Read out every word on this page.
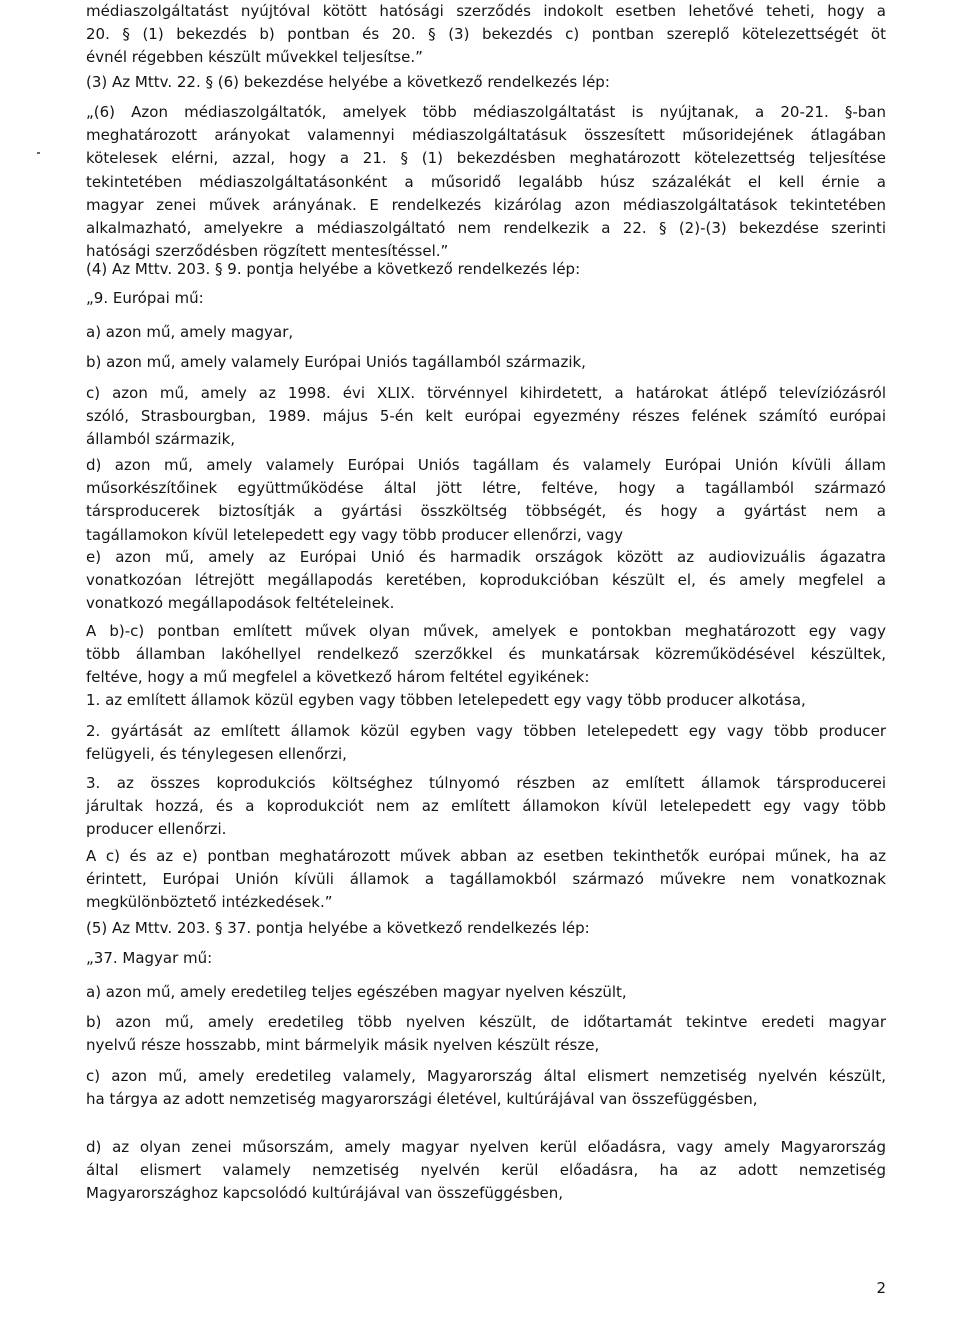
médiaszolgáltatást nyújtóval kötött hatósági szerződés indokolt esetben lehetővé teheti, hogy a
20. § (1) bekezdés b) pontban és 20. § (3) bekezdés c) pontban szereplő kötelezettségét öt
évnél régebben készült művekkel teljesítse.”
(3) Az Mttv. 22. § (6) bekezdése helyébe a következő rendelkezés lép:
„(6) Azon médiaszolgáltatók, amelyek több médiaszolgáltatást is nyújtanak, a 20-21. §-ban
meghatározott arányokat valamennyi médiaszolgáltatásuk összesített műsoridejének átlagában
kötelesek elérni, azzal, hogy a 21. § (1) bekezdésben meghatározott kötelezettség teljesítése
tekintetében médiaszolgáltatásonként a műsoridő legalább húsz százalékát el kell érnie a
magyar zenei művek arányának. E rendelkezés kizárólag azon médiaszolgáltatások tekintetében
alkalmazható, amelyekre a médiaszolgáltató nem rendelkezik a 22. § (2)-(3) bekezdése szerinti
hatósági szerződésben rögzített mentesítéssel.”
(4) Az Mttv. 203. § 9. pontja helyébe a következő rendelkezés lép:
„9. Európai mű:
a) azon mű, amely magyar,
b) azon mű, amely valamely Európai Uniós tagállamból származik,
c) azon mű, amely az 1998. évi XLIX. törvénnyel kihirdetett, a határokat átlépő televíziózásról
szóló, Strasbourgban, 1989. május 5-én kelt európai egyezmény részes felének számító európai
államból származik,
d) azon mű, amely valamely Európai Uniós tagállam és valamely Európai Unión kívüli állam
műsorkészítőinek együttműködése által jött létre, feltéve, hogy a tagállamból származó
társproducerek biztosítják a gyártási összköltség többségét, és hogy a gyártást nem a
tagállamokon kívül letelepedett egy vagy több producer ellenőrzi, vagy
e) azon mű, amely az Európai Unió és harmadik országok között az audiovizuális ágazatra
vonatkozóan létrejött megállapodás keretében, koprodukcióban készült el, és amely megfelel a
vonatkozó megállapodások feltételeinek.
A b)-c) pontban említett művek olyan művek, amelyek e pontokban meghatározott egy vagy
több államban lakóhellyel rendelkező szerzőkkel és munkatársak közreműködésével készültek,
feltéve, hogy a mű megfelel a következő három feltétel egyikének:
1. az említett államok közül egyben vagy többen letelepedett egy vagy több producer alkotása,
2. gyártását az említett államok közül egyben vagy többen letelepedett egy vagy több producer
felügyeli, és ténylegesen ellenőrzi,
3. az összes koprodukciós költséghez túlnyomó részben az említett államok társproducerei
járultak hozzá, és a koprodukciót nem az említett államokon kívül letelepedett egy vagy több
producer ellenőrzi.
A c) és az e) pontban meghatározott művek abban az esetben tekinthetők európai műnek, ha az
érintett, Európai Unión kívüli államok a tagállamokból származó művekre nem vonatkoznak
megkülönböztető intézkedések.”
(5) Az Mttv. 203. § 37. pontja helyébe a következő rendelkezés lép:
„37. Magyar mű:
a) azon mű, amely eredetileg teljes egészében magyar nyelven készült,
b) azon mű, amely eredetileg több nyelven készült, de időtartamát tekintve eredeti magyar
nyelvű része hosszabb, mint bármelyik másik nyelven készült része,
c) azon mű, amely eredetileg valamely, Magyarország által elismert nemzetiség nyelvén készült,
ha tárgya az adott nemzetiség magyarországi életével, kultúrájával van összefüggésben,
d) az olyan zenei műsorszám, amely magyar nyelven kerül előadásra, vagy amely Magyarország
által elismert valamely nemzetiség nyelvén kerül előadásra, ha az adott nemzetiség
Magyarországhoz kapcsolódó kultúrájával van összefüggésben,
2
